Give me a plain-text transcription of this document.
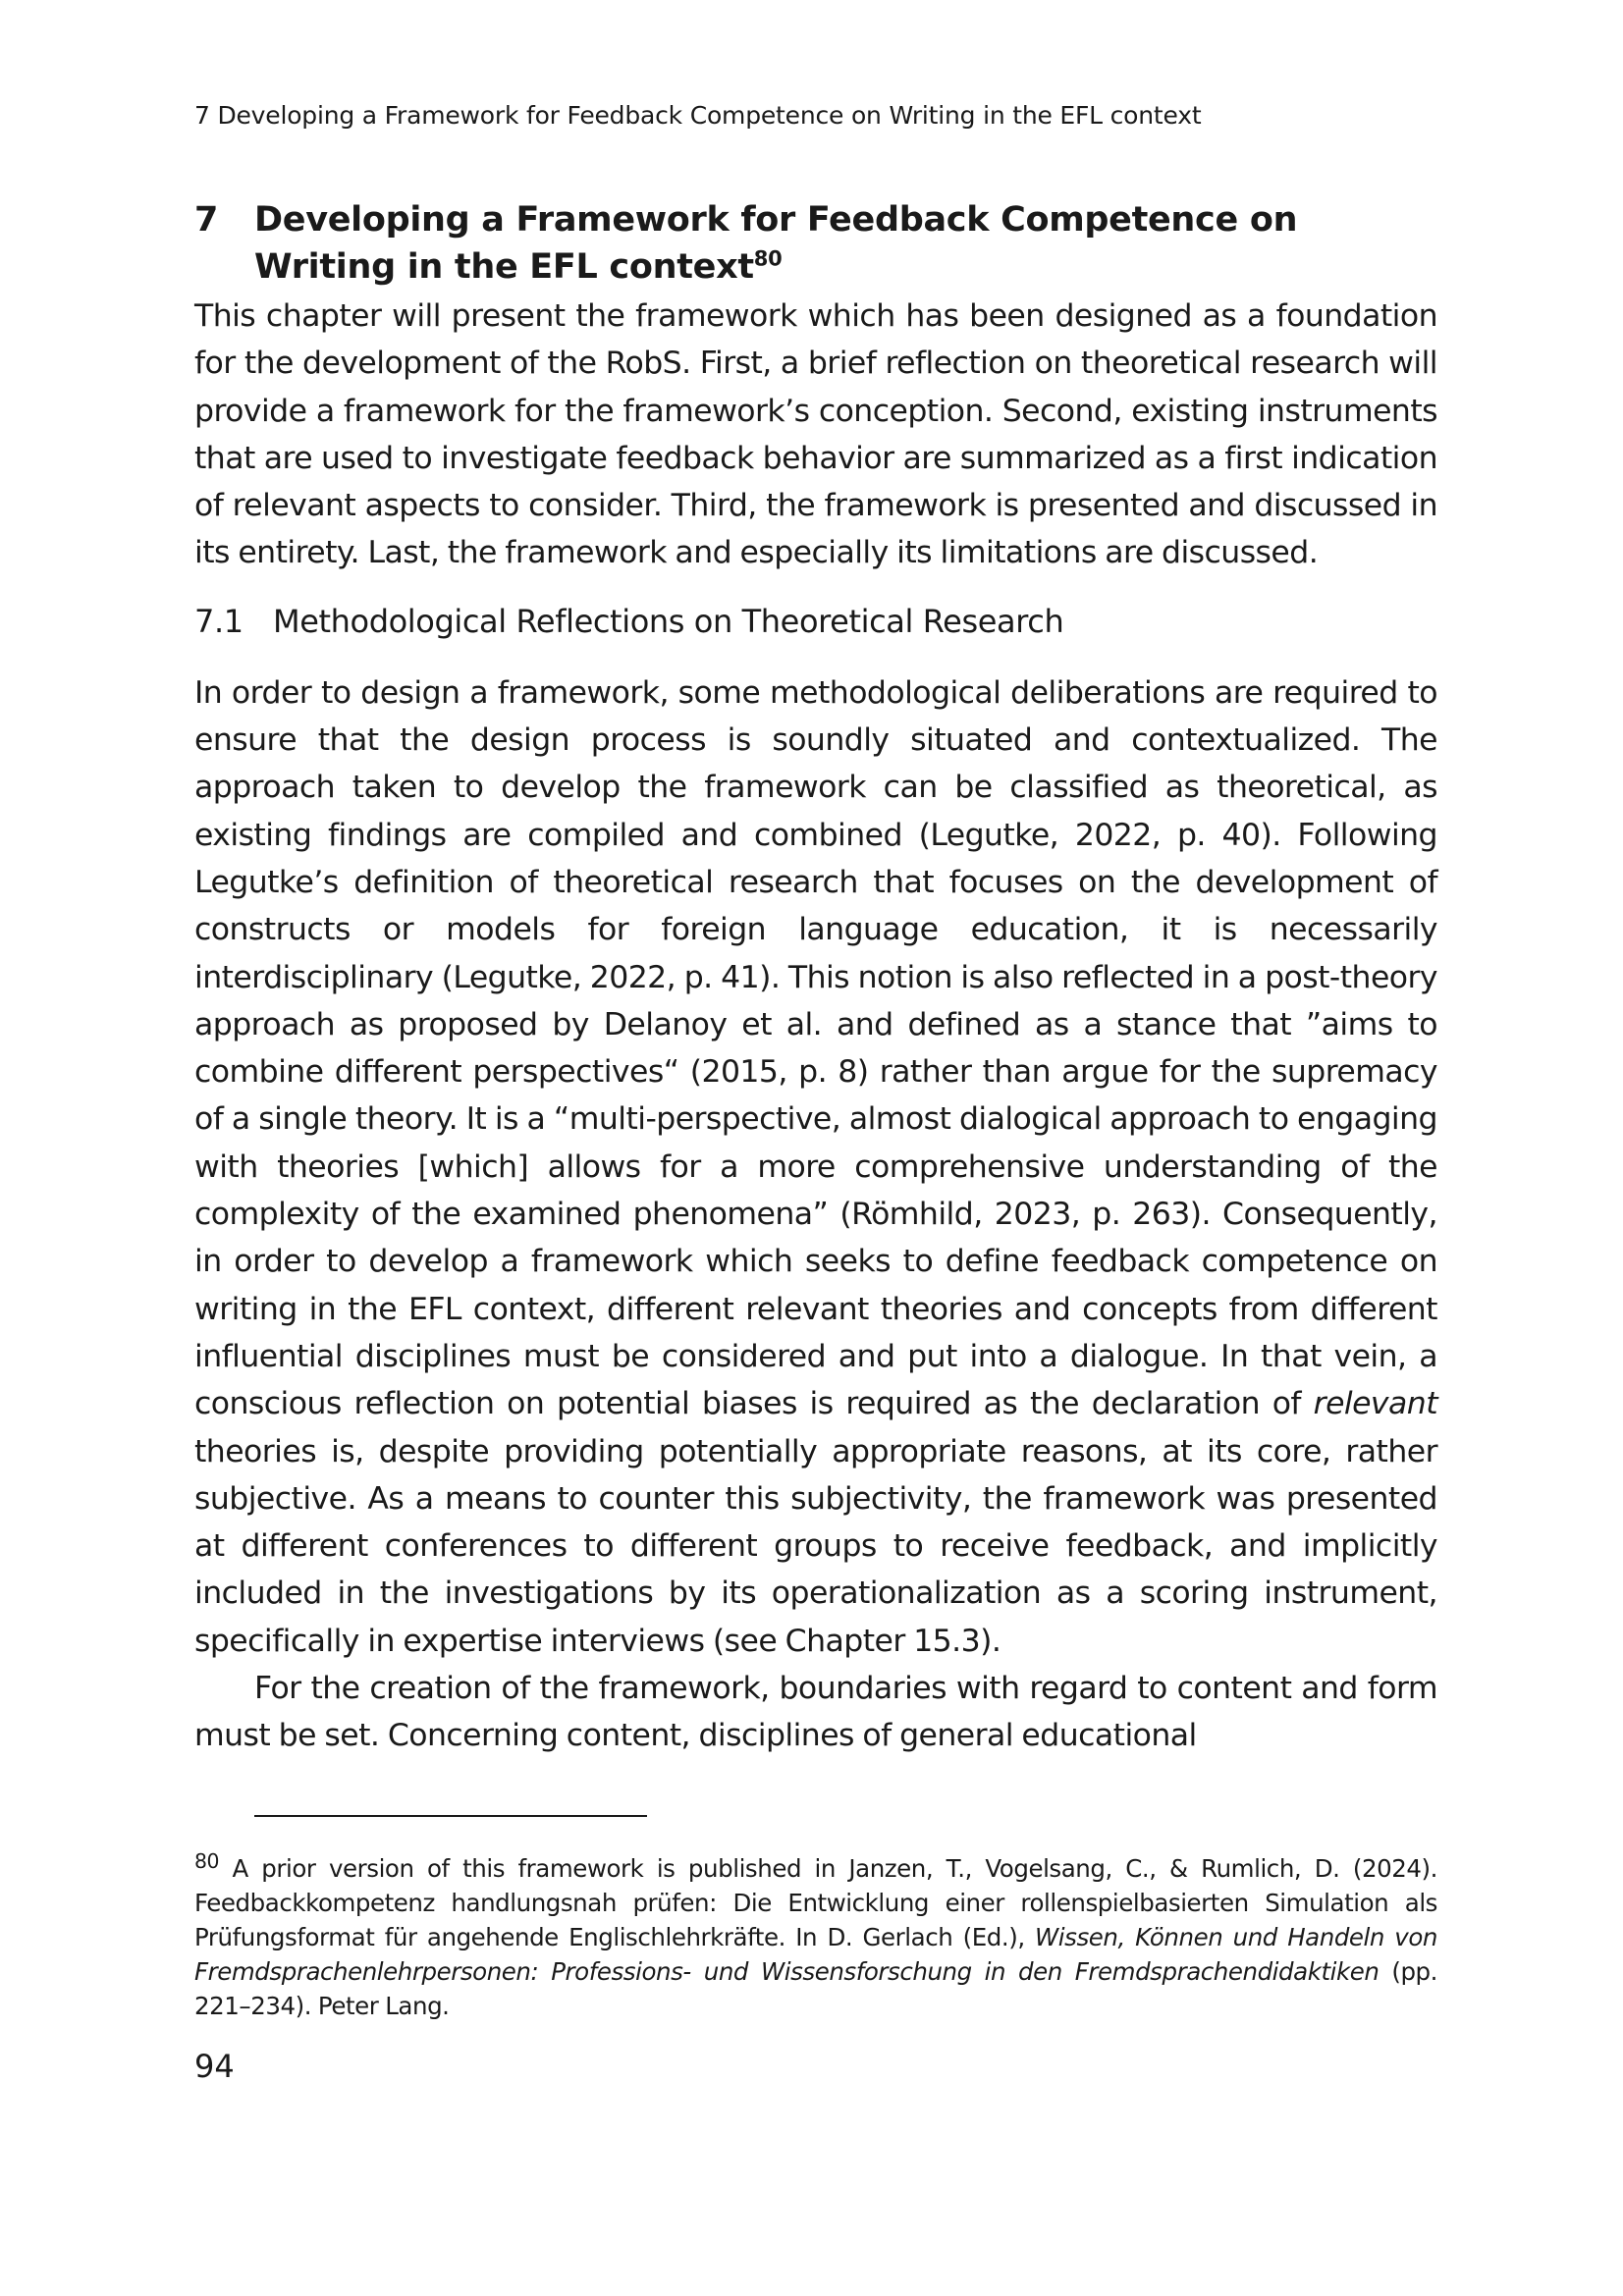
7 Developing a Framework for Feedback Competence on Writing in the EFL context

7	Developing a Framework for Feedback Competence on Writing in the EFL context$^{80}$

This chapter will present the framework which has been designed as a foundation for the development of the RobS. First, a brief reflection on theoretical research will provide a framework for the framework’s conception. Second, existing instruments that are used to investigate feedback behavior are summarized as a first indication of relevant aspects to consider. Third, the framework is presented and discussed in its entirety. Last, the framework and especially its limitations are discussed.

7.1 Methodological Reflections on Theoretical Research

In order to design a framework, some methodological deliberations are required to ensure that the design process is soundly situated and contextualized. The approach taken to develop the framework can be classified as theoretical, as existing findings are compiled and combined (Legutke, 2022, p. 40). Following Legutke’s definition of theoretical research that focuses on the development of constructs or models for foreign language education, it is necessarily interdisciplinary (Legutke, 2022, p. 41). This notion is also reflected in a post-theory approach as proposed by Delanoy et al. and defined as a stance that ”aims to combine different perspectives“ (2015, p. 8) rather than argue for the supremacy of a single theory. It is a “multi-perspective, almost dialogical approach to engaging with theories [which] allows for a more comprehensive understanding of the complexity of the examined phenomena” (Römhild, 2023, p. 263). Consequently, in order to develop a framework which seeks to define feedback competence on writing in the EFL context, different relevant theories and concepts from different influential disciplines must be considered and put into a dialogue. In that vein, a conscious reflection on potential biases is required as the declaration of relevant theories is, despite providing potentially appropriate reasons, at its core, rather subjective. As a means to counter this subjectivity, the framework was presented at different conferences to different groups to receive feedback, and implicitly included in the investigations by its operationalization as a scoring instrument, specifically in expertise interviews (see Chapter 15.3).

For the creation of the framework, boundaries with regard to content and form must be set. Concerning content, disciplines of general educational

$^{80}$ A prior version of this framework is published in Janzen, T., Vogelsang, C., & Rumlich, D. (2024). Feedbackkompetenz handlungsnah prüfen: Die Entwicklung einer rollenspielbasierten Simulation als Prüfungsformat für angehende Englischlehrkräfte. In D. Gerlach (Ed.), Wissen, Können und Handeln von Fremdsprachenlehrpersonen: Professions- und Wissensforschung in den Fremdsprachendidaktiken (pp. 221–234). Peter Lang.
94
